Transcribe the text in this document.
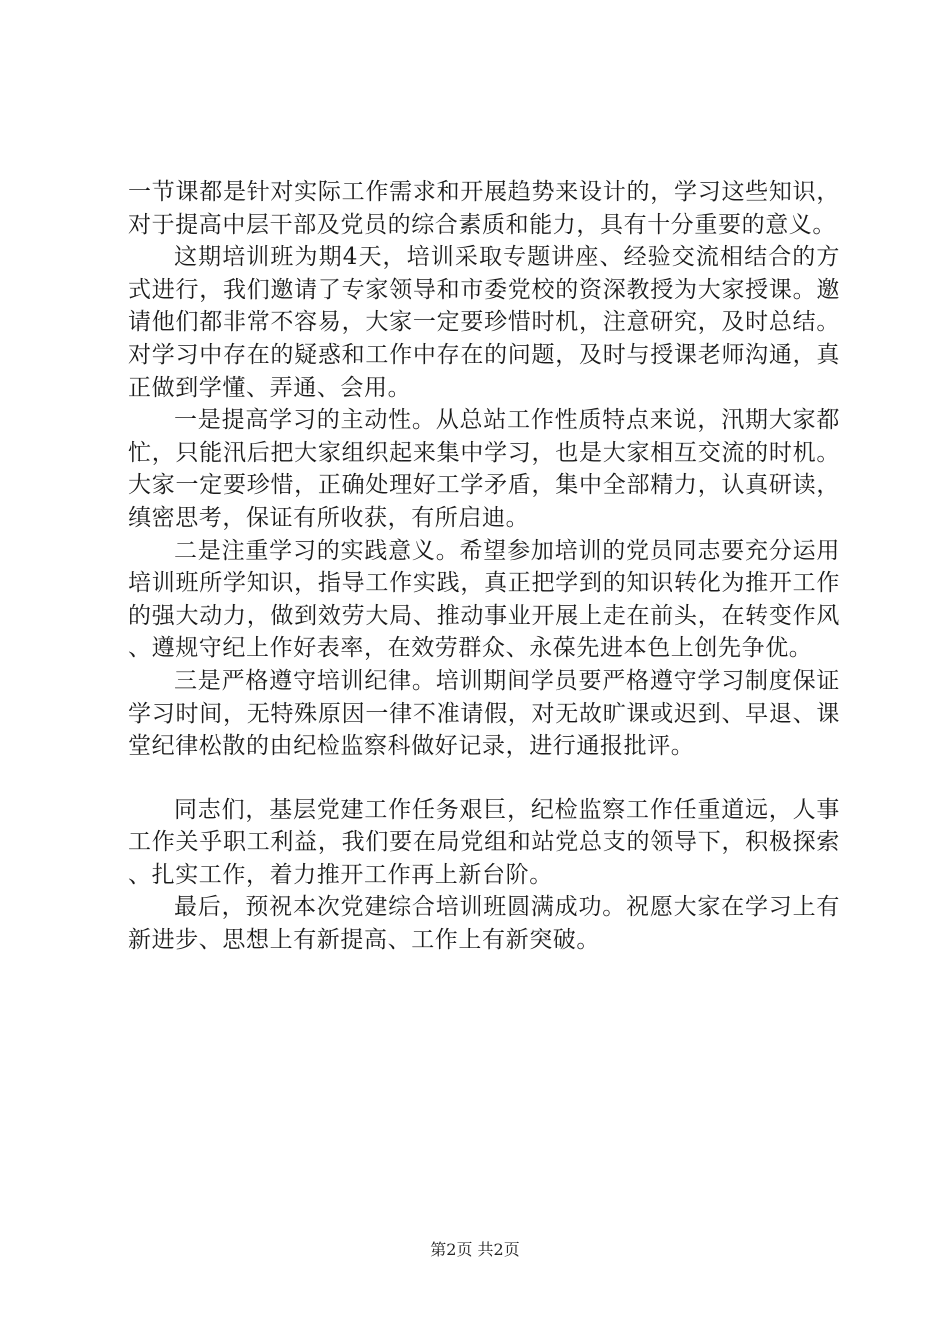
一节课都是针对实际工作需求和开展趋势来设计的，学习这些知识，对于提高中层干部及党员的综合素质和能力，具有十分重要的意义。

这期培训班为期4天，培训采取专题讲座、经验交流相结合的方式进行，我们邀请了专家领导和市委党校的资深教授为大家授课。邀请他们都非常不容易，大家一定要珍惜时机，注意研究，及时总结。对学习中存在的疑惑和工作中存在的问题，及时与授课老师沟通，真正做到学懂、弄通、会用。

一是提高学习的主动性。从总站工作性质特点来说，汛期大家都忙，只能汛后把大家组织起来集中学习，也是大家相互交流的时机。大家一定要珍惜，正确处理好工学矛盾，集中全部精力，认真研读，缜密思考，保证有所收获，有所启迪。

二是注重学习的实践意义。希望参加培训的党员同志要充分运用培训班所学知识，指导工作实践，真正把学到的知识转化为推开工作的强大动力，做到效劳大局、推动事业开展上走在前头，在转变作风、遵规守纪上作好表率，在效劳群众、永葆先进本色上创先争优。

三是严格遵守培训纪律。培训期间学员要严格遵守学习制度保证学习时间，无特殊原因一律不准请假，对无故旷课或迟到、早退、课堂纪律松散的由纪检监察科做好记录，进行通报批评。

同志们，基层党建工作任务艰巨，纪检监察工作任重道远，人事工作关乎职工利益，我们要在局党组和站党总支的领导下，积极探索、扎实工作，着力推开工作再上新台阶。

最后，预祝本次党建综合培训班圆满成功。祝愿大家在学习上有新进步、思想上有新提高、工作上有新突破。

第2页 共2页
